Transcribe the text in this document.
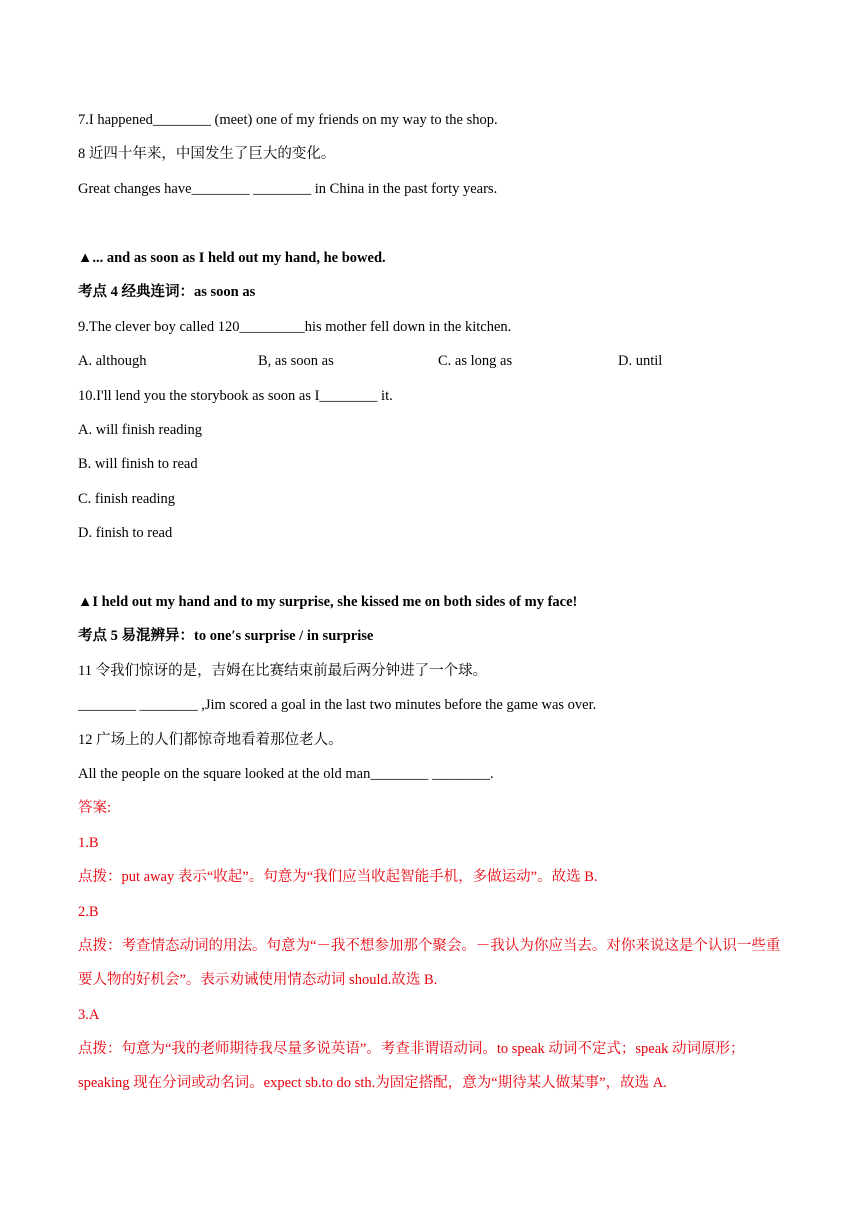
7.I happened________ (meet) one of my friends on my way to the shop.
8 近四十年来，中国发生了巨大的变化。
Great changes have________ ________ in China in the past forty years.
▲... and as soon as I held out my hand, he bowed.
考点 4 经典连词：as soon as
9.The clever boy called 120_________his mother fell down in the kitchen.
A. although	B, as soon as	C. as long as	D. until
10.I'll lend you the storybook as soon as I________ it.
A. will finish reading
B. will finish to read
C. finish reading
D. finish to read
▲I held out my hand and to my surprise, she kissed me on both sides of my face!
考点 5 易混辨异：to one′s surprise / in surprise
11 令我们惊讶的是，吉姆在比赛结束前最后两分钟进了一个球。
________ ________ ,Jim scored a goal in the last two minutes before the game was over.
12 广场上的人们都惊奇地看着那位老人。
All the people on the square looked at the old man________ ________.
答案:
1.B
点拨：put away 表示“收起”。句意为“我们应当收起智能手机，多做运动”。故选 B.
2.B
点拨：考查情态动词的用法。句意为“－我不想参加那个聚会。－我认为你应当去。对你来说这是个认识一些重要人物的好机会”。表示劝诫使用情态动词 should.故选 B.
3.A
点拨：句意为“我的老师期待我尽量多说英语”。考查非谓语动词。to speak 动词不定式；speak 动词原形；speaking 现在分词或动名词。expect sb.to do sth.为固定搭配，意为“期待某人做某事”，故选 A.
